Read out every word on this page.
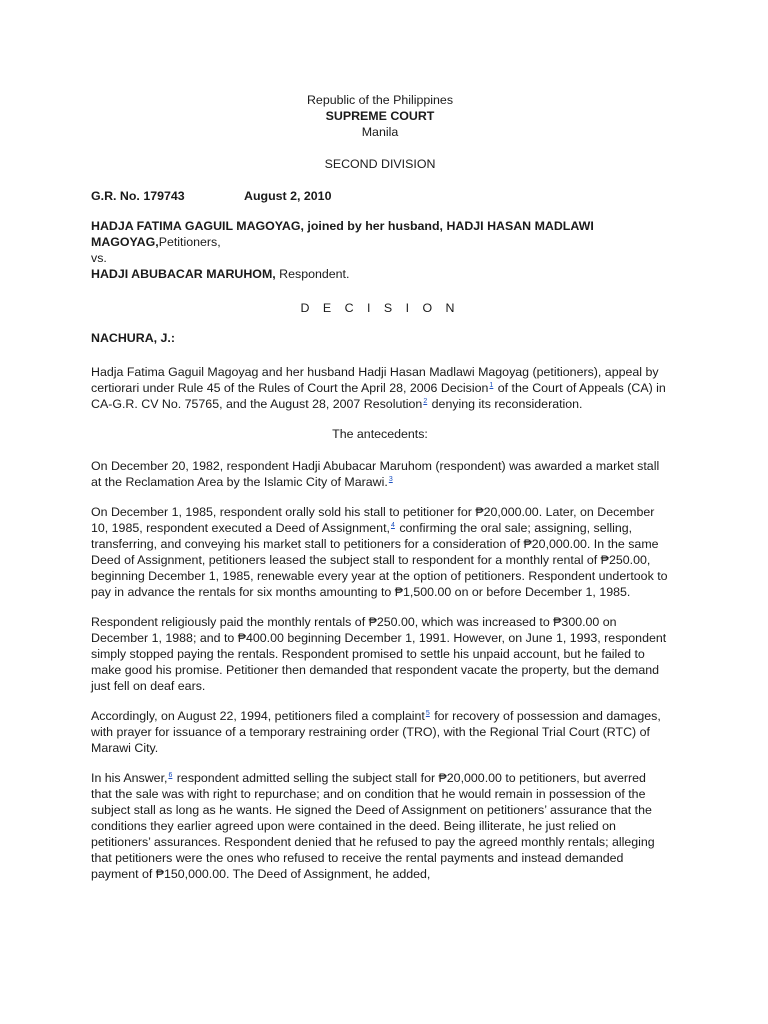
Republic of the Philippines
SUPREME COURT
Manila
SECOND DIVISION
G.R. No. 179743	August 2, 2010
HADJA FATIMA GAGUIL MAGOYAG, joined by her husband, HADJI HASAN MADLAWI MAGOYAG,Petitioners,
vs.
HADJI ABUBACAR MARUHOM, Respondent.
D E C I S I O N
NACHURA, J.:

Hadja Fatima Gaguil Magoyag and her husband Hadji Hasan Madlawi Magoyag (petitioners), appeal by certiorari under Rule 45 of the Rules of Court the April 28, 2006 Decision$^1$ of the Court of Appeals (CA) in CA-G.R. CV No. 75765, and the August 28, 2007 Resolution$^2$ denying its reconsideration.

The antecedents:

On December 20, 1982, respondent Hadji Abubacar Maruhom (respondent) was awarded a market stall at the Reclamation Area by the Islamic City of Marawi.$^3$

On December 1, 1985, respondent orally sold his stall to petitioner for ₱20,000.00. Later, on December 10, 1985, respondent executed a Deed of Assignment,$^4$ confirming the oral sale; assigning, selling, transferring, and conveying his market stall to petitioners for a consideration of ₱20,000.00. In the same Deed of Assignment, petitioners leased the subject stall to respondent for a monthly rental of ₱250.00, beginning December 1, 1985, renewable every year at the option of petitioners. Respondent undertook to pay in advance the rentals for six months amounting to ₱1,500.00 on or before December 1, 1985.

Respondent religiously paid the monthly rentals of ₱250.00, which was increased to ₱300.00 on December 1, 1988; and to ₱400.00 beginning December 1, 1991. However, on June 1, 1993, respondent simply stopped paying the rentals. Respondent promised to settle his unpaid account, but he failed to make good his promise. Petitioner then demanded that respondent vacate the property, but the demand just fell on deaf ears.

Accordingly, on August 22, 1994, petitioners filed a complaint$^5$ for recovery of possession and damages, with prayer for issuance of a temporary restraining order (TRO), with the Regional Trial Court (RTC) of Marawi City.

In his Answer,$^6$ respondent admitted selling the subject stall for ₱20,000.00 to petitioners, but averred that the sale was with right to repurchase; and on condition that he would remain in possession of the subject stall as long as he wants. He signed the Deed of Assignment on petitioners’ assurance that the conditions they earlier agreed upon were contained in the deed. Being illiterate, he just relied on petitioners’ assurances. Respondent denied that he refused to pay the agreed monthly rentals; alleging that petitioners were the ones who refused to receive the rental payments and instead demanded payment of ₱150,000.00. The Deed of Assignment, he added,
